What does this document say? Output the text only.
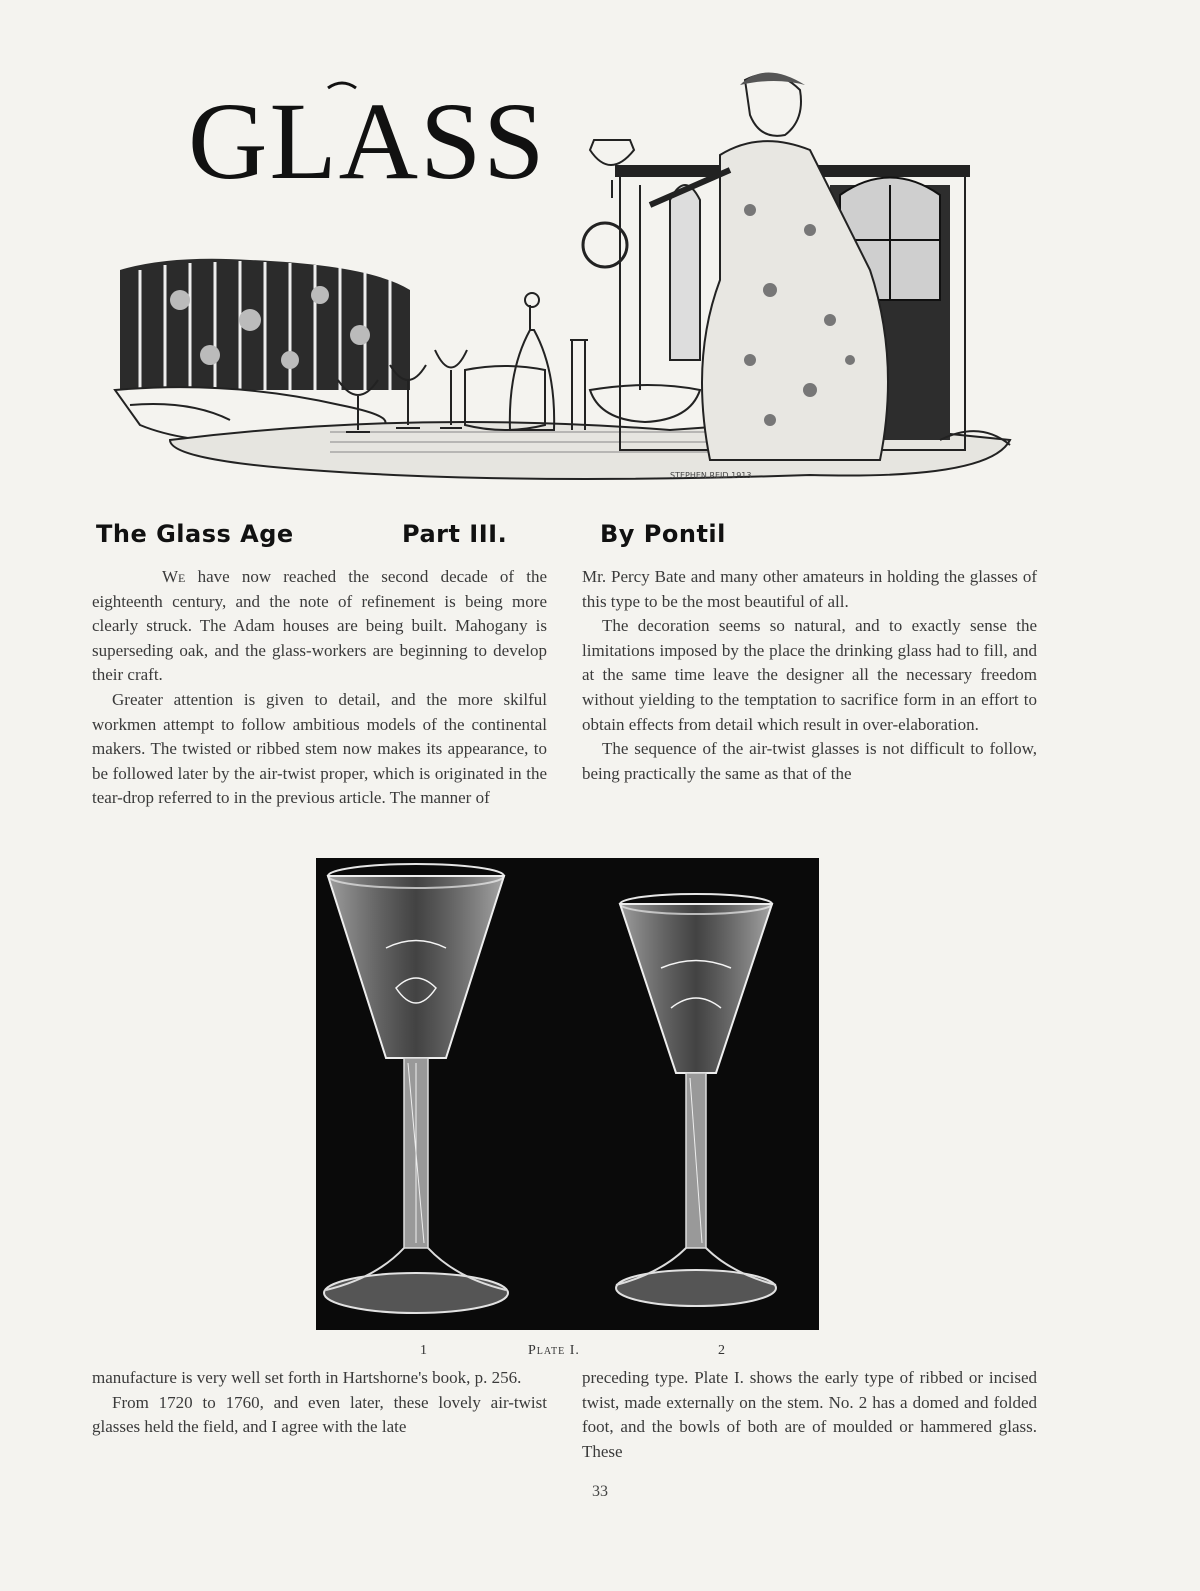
GLASS
STEPHEN REID 1913
The Glass Age	Part III.	By Pontil

We have now reached the second decade of the eighteenth century, and the note of refinement is being more clearly struck. The Adam houses are being built. Mahogany is superseding oak, and the glass-workers are beginning to develop their craft.

Greater attention is given to detail, and the more skilful workmen attempt to follow ambitious models of the continental makers. The twisted or ribbed stem now makes its appearance, to be followed later by the air-twist proper, which is originated in the tear-drop referred to in the previous article. The manner of

Mr. Percy Bate and many other amateurs in holding the glasses of this type to be the most beautiful of all.

The decoration seems so natural, and to exactly sense the limitations imposed by the place the drinking glass had to fill, and at the same time leave the designer all the necessary freedom without yielding to the temptation to sacrifice form in an effort to obtain effects from detail which result in over-elaboration.

The sequence of the air-twist glasses is not difficult to follow, being practically the same as that of the

1	Plate I.	2

manufacture is very well set forth in Hartshorne's book, p. 256.

From 1720 to 1760, and even later, these lovely air-twist glasses held the field, and I agree with the late

preceding type. Plate I. shows the early type of ribbed or incised twist, made externally on the stem. No. 2 has a domed and folded foot, and the bowls of both are of moulded or hammered glass. These

33
